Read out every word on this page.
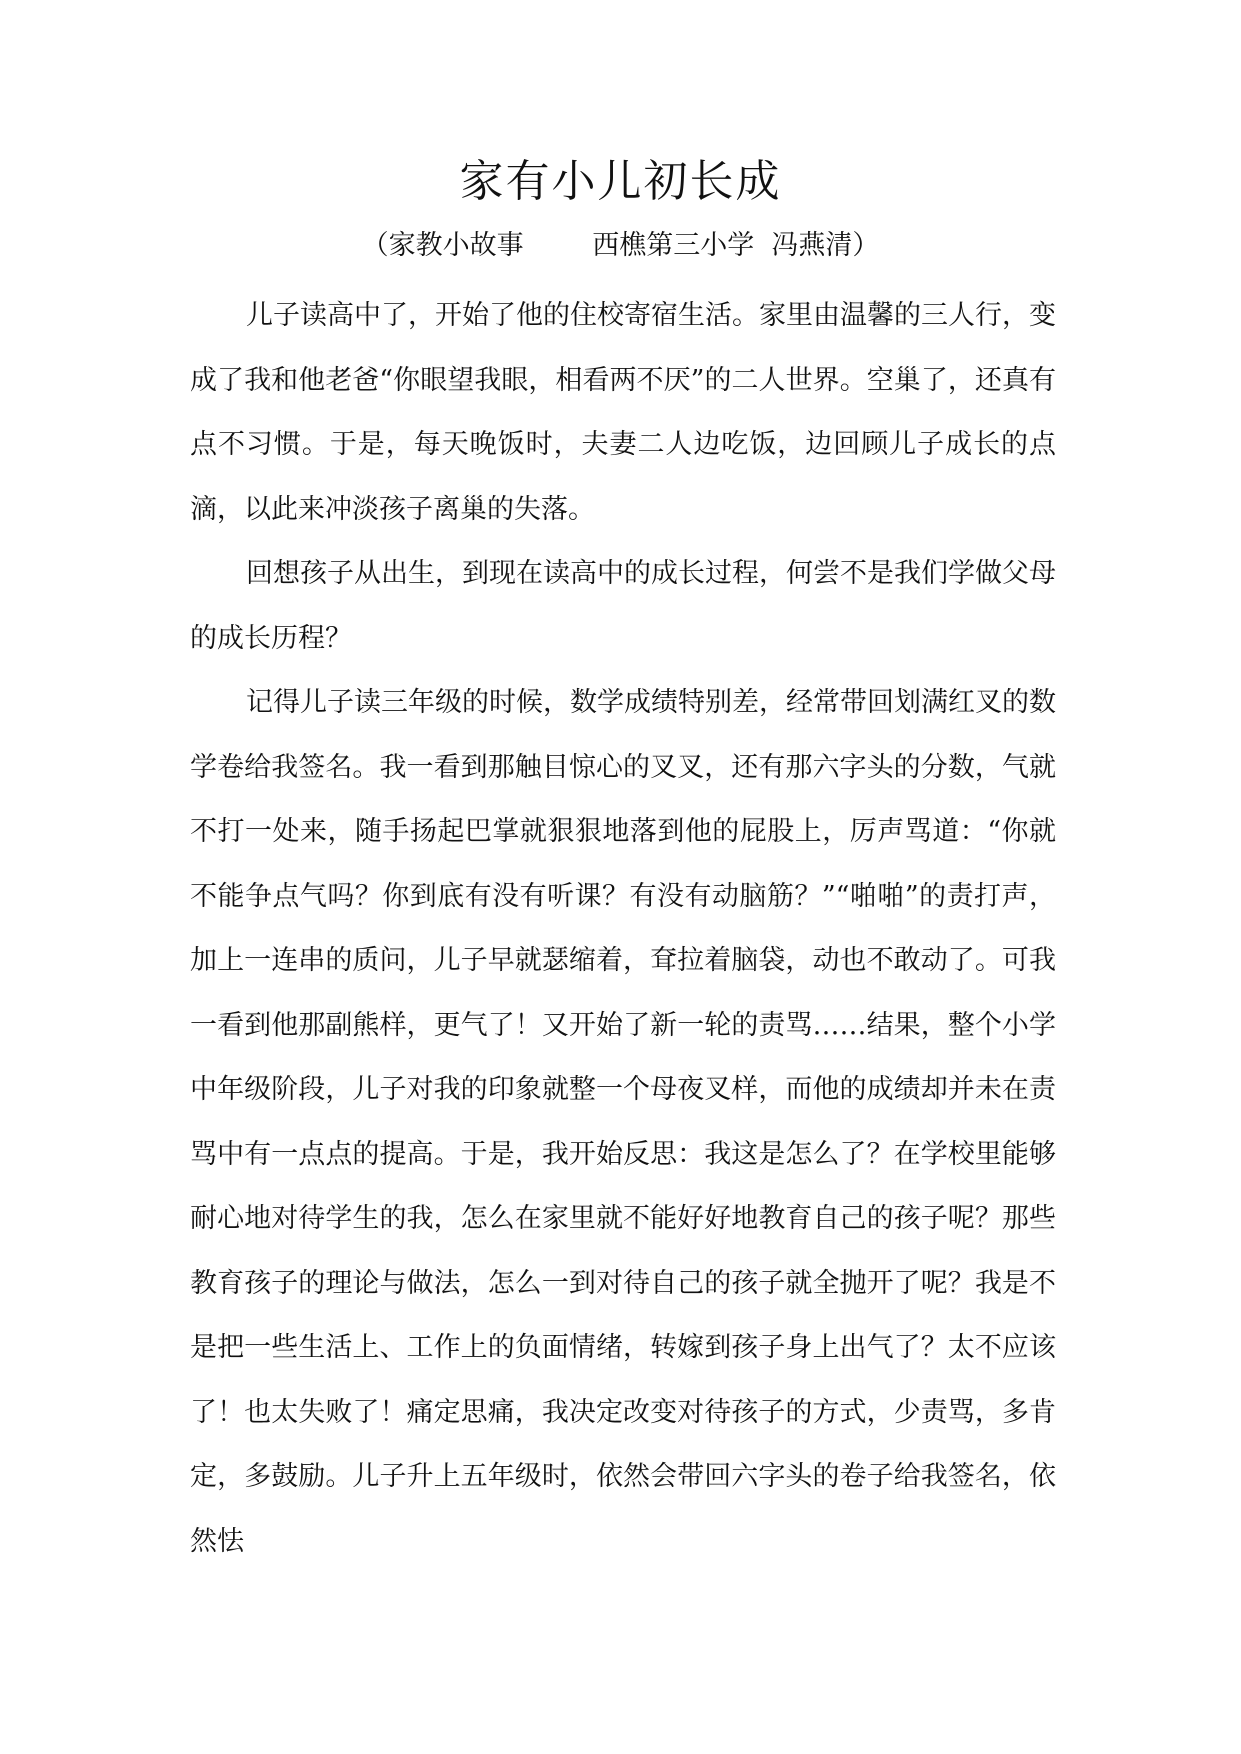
家有小儿初长成
（家教小故事        西樵第三小学  冯燕清）

儿子读高中了，开始了他的住校寄宿生活。家里由温馨的三人行，变成了我和他老爸“你眼望我眼，相看两不厌”的二人世界。空巢了，还真有点不习惯。于是，每天晚饭时，夫妻二人边吃饭，边回顾儿子成长的点滴，以此来冲淡孩子离巢的失落。

回想孩子从出生，到现在读高中的成长过程，何尝不是我们学做父母的成长历程？

记得儿子读三年级的时候，数学成绩特别差，经常带回划满红叉的数学卷给我签名。我一看到那触目惊心的叉叉，还有那六字头的分数，气就不打一处来，随手扬起巴掌就狠狠地落到他的屁股上，厉声骂道：“你就不能争点气吗？你到底有没有听课？有没有动脑筋？”“啪啪”的责打声，加上一连串的质问，儿子早就瑟缩着，耷拉着脑袋，动也不敢动了。可我一看到他那副熊样，更气了！又开始了新一轮的责骂……结果，整个小学中年级阶段，儿子对我的印象就整一个母夜叉样，而他的成绩却并未在责骂中有一点点的提高。于是，我开始反思：我这是怎么了？在学校里能够耐心地对待学生的我，怎么在家里就不能好好地教育自己的孩子呢？那些教育孩子的理论与做法，怎么一到对待自己的孩子就全抛开了呢？我是不是把一些生活上、工作上的负面情绪，转嫁到孩子身上出气了？太不应该了！也太失败了！痛定思痛，我决定改变对待孩子的方式，少责骂，多肯定，多鼓励。儿子升上五年级时，依然会带回六字头的卷子给我签名，依然怯
